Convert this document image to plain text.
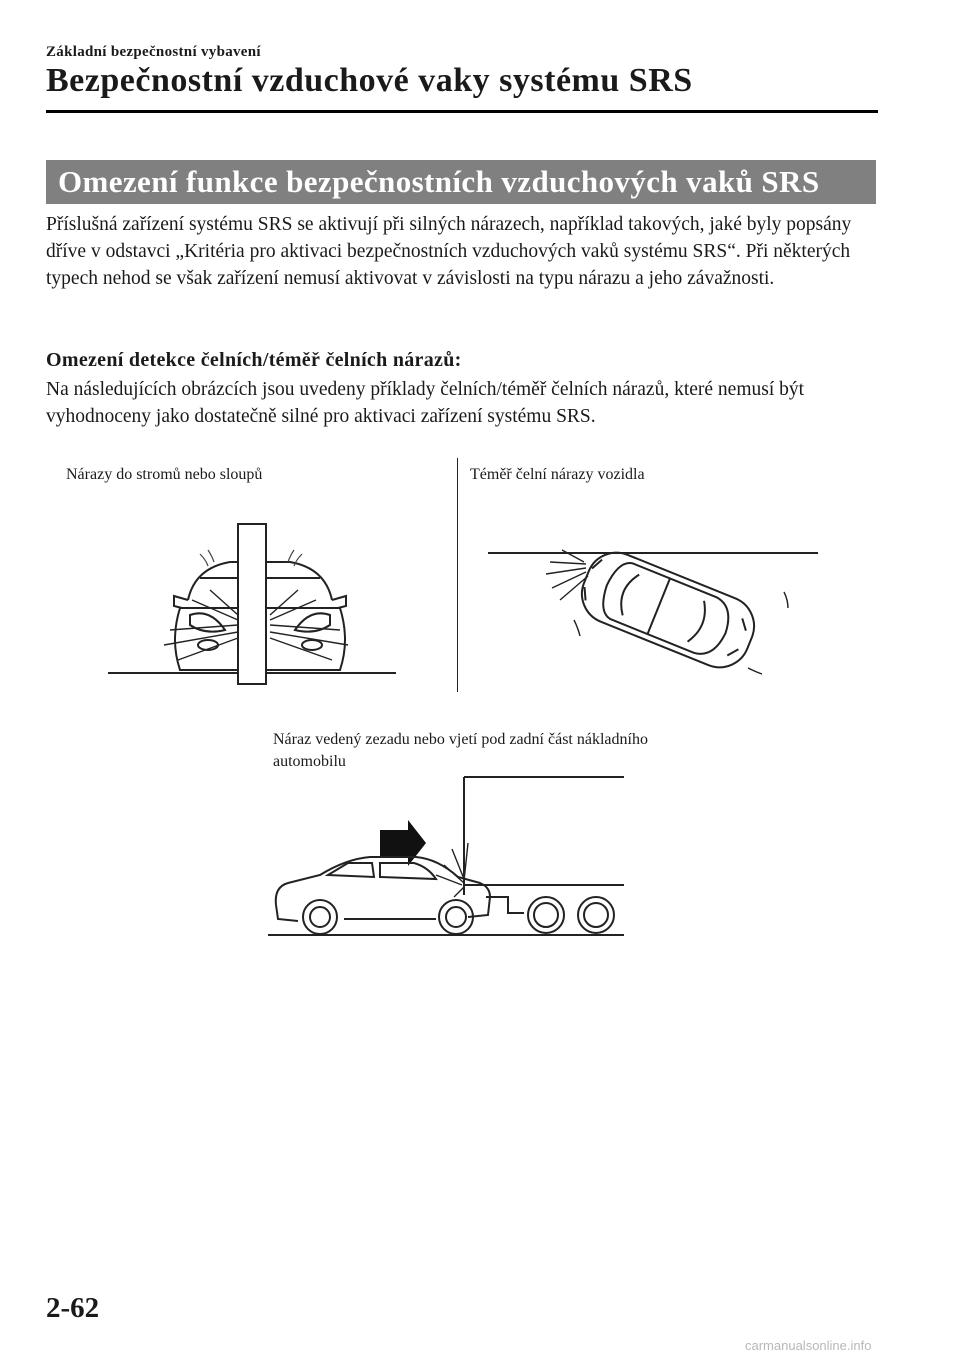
Základní bezpečnostní vybavení
Bezpečnostní vzduchové vaky systému SRS
Omezení funkce bezpečnostních vzduchových vaků SRS
Příslušná zařízení systému SRS se aktivují při silných nárazech, například takových, jaké byly popsány dříve v odstavci „Kritéria pro aktivaci bezpečnostních vzduchových vaků systému SRS“. Při některých typech nehod se však zařízení nemusí aktivovat v závislosti na typu nárazu a jeho závažnosti.
Omezení detekce čelních/téměř čelních nárazů:
Na následujících obrázcích jsou uvedeny příklady čelních/téměř čelních nárazů, které nemusí být vyhodnoceny jako dostatečně silné pro aktivaci zařízení systému SRS.
Nárazy do stromů nebo sloupů	Téměř čelní nárazy vozidla
Náraz vedený zezadu nebo vjetí pod zadní část nákladního automobilu
2-62
carmanualsonline.info
